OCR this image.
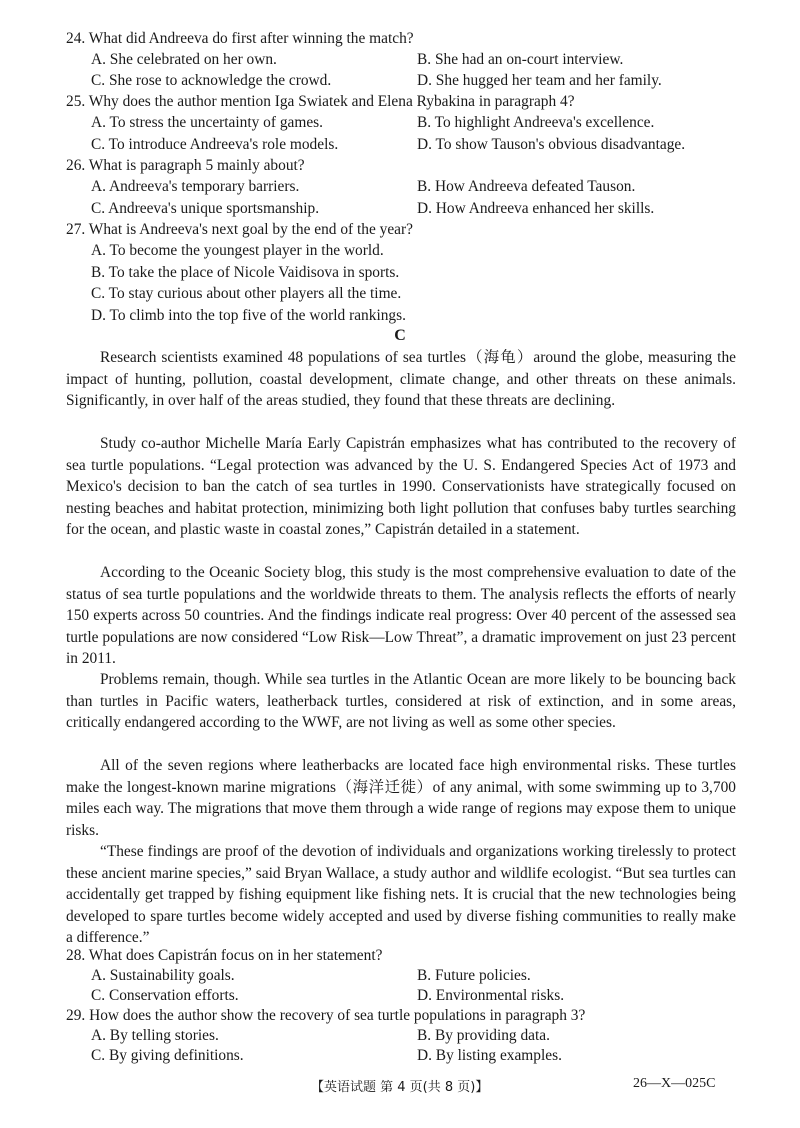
24. What did Andreeva do first after winning the match?
A. She celebrated on her own.	B. She had an on-court interview.
C. She rose to acknowledge the crowd.	D. She hugged her team and her family.
25. Why does the author mention Iga Swiatek and Elena Rybakina in paragraph 4?
A. To stress the uncertainty of games.	B. To highlight Andreeva's excellence.
C. To introduce Andreeva's role models.	D. To show Tauson's obvious disadvantage.
26. What is paragraph 5 mainly about?
A. Andreeva's temporary barriers.	B. How Andreeva defeated Tauson.
C. Andreeva's unique sportsmanship.	D. How Andreeva enhanced her skills.
27. What is Andreeva's next goal by the end of the year?
A. To become the youngest player in the world.
B. To take the place of Nicole Vaidisova in sports.
C. To stay curious about other players all the time.
D. To climb into the top five of the world rankings.
C
Research scientists examined 48 populations of sea turtles（海龟）around the globe, measuring the impact of hunting, pollution, coastal development, climate change, and other threats on these animals. Significantly, in over half of the areas studied, they found that these threats are declining.
Study co-author Michelle María Early Capistrán emphasizes what has contributed to the recovery of sea turtle populations. “Legal protection was advanced by the U. S. Endangered Species Act of 1973 and Mexico's decision to ban the catch of sea turtles in 1990. Conservationists have strategically focused on nesting beaches and habitat protection, minimizing both light pollution that confuses baby turtles searching for the ocean, and plastic waste in coastal zones,” Capistrán detailed in a statement.
According to the Oceanic Society blog, this study is the most comprehensive evaluation to date of the status of sea turtle populations and the worldwide threats to them. The analysis reflects the efforts of nearly 150 experts across 50 countries. And the findings indicate real progress: Over 40 percent of the assessed sea turtle populations are now considered “Low Risk—Low Threat”, a dramatic improvement on just 23 percent in 2011.
Problems remain, though. While sea turtles in the Atlantic Ocean are more likely to be bouncing back than turtles in Pacific waters, leatherback turtles, considered at risk of extinction, and in some areas, critically endangered according to the WWF, are not living as well as some other species.
All of the seven regions where leatherbacks are located face high environmental risks. These turtles make the longest-known marine migrations（海洋迁徙）of any animal, with some swimming up to 3,700 miles each way. The migrations that move them through a wide range of regions may expose them to unique risks.
“These findings are proof of the devotion of individuals and organizations working tirelessly to protect these ancient marine species,” said Bryan Wallace, a study author and wildlife ecologist. “But sea turtles can accidentally get trapped by fishing equipment like fishing nets. It is crucial that the new technologies being developed to spare turtles become widely accepted and used by diverse fishing communities to really make a difference.”
28. What does Capistrán focus on in her statement?
A. Sustainability goals.	B. Future policies.
C. Conservation efforts.	D. Environmental risks.
29. How does the author show the recovery of sea turtle populations in paragraph 3?
A. By telling stories.	B. By providing data.
C. By giving definitions.	D. By listing examples.
【英语试题 第 4 页(共 8 页)】	26—X—025C
